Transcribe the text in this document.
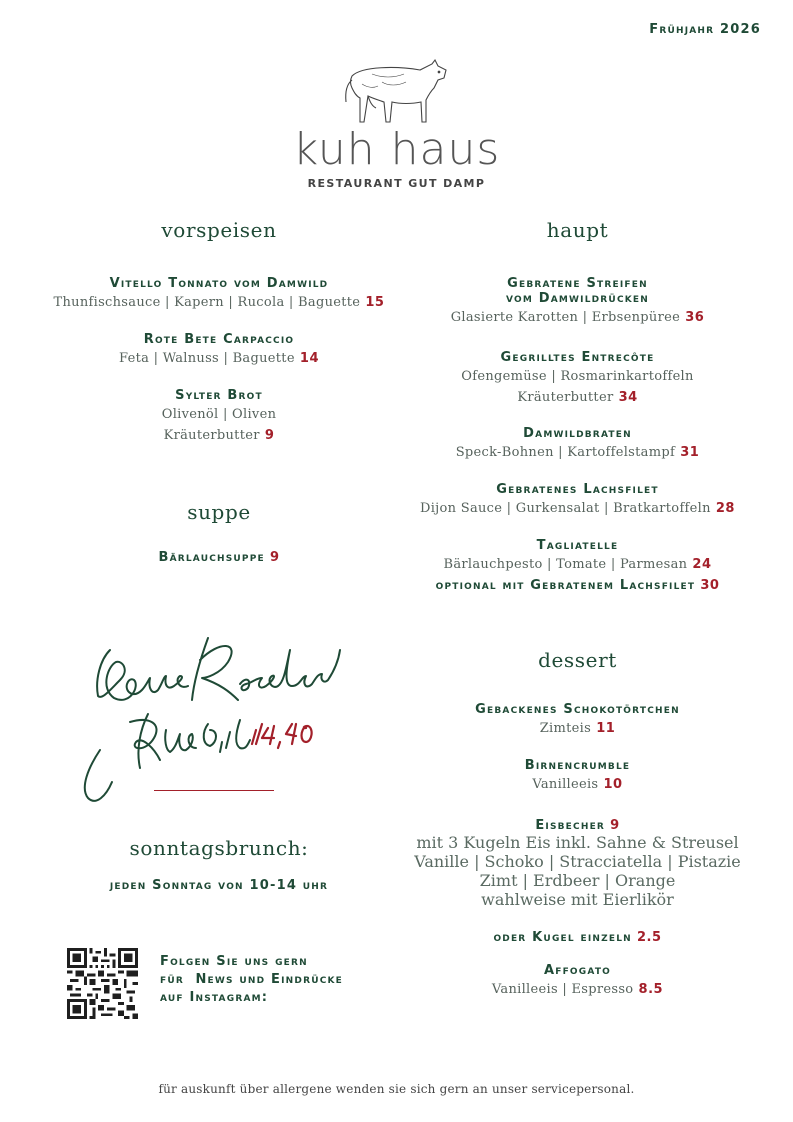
Frühjahr 2026
kuh haus
RESTAURANT GUT DAMP
vorspeisen
Vitello Tonnato vom Damwild
Thunfischsauce | Kapern | Rucola | Baguette 15
Rote Bete Carpaccio
Feta | Walnuss | Baguette 14
Sylter Brot
Olivenöl | Oliven
Kräuterbutter 9
suppe
Bärlauchsuppe 9
sonntagsbrunch:
jeden Sonntag von 10-14 uhr
Folgen Sie uns gern
für  News und Eindrücke
auf Instagram:
haupt
Gebratene Streifen
vom Damwildrücken
Glasierte Karotten | Erbsenpüree 36
Gegrilltes Entrecôte
Ofengemüse | Rosmarinkartoffeln
Kräuterbutter 34
Damwildbraten
Speck-Bohnen | Kartoffelstampf 31
Gebratenes Lachsfilet
Dijon Sauce | Gurkensalat | Bratkartoffeln 28
Tagliatelle
Bärlauchpesto | Tomate | Parmesan 24
optional mit Gebratenem Lachsfilet 30
dessert
Gebackenes Schokotörtchen
Zimteis 11
Birnencrumble
Vanilleeis 10
Eisbecher 9
mit 3 Kugeln Eis inkl. Sahne & Streusel
Vanille | Schoko | Stracciatella | Pistazie
Zimt | Erdbeer | Orange
wahlweise mit Eierlikör
oder Kugel einzeln 2.5
Affogato
Vanilleeis | Espresso 8.5
für auskunft über allergene wenden sie sich gern an unser servicepersonal.
